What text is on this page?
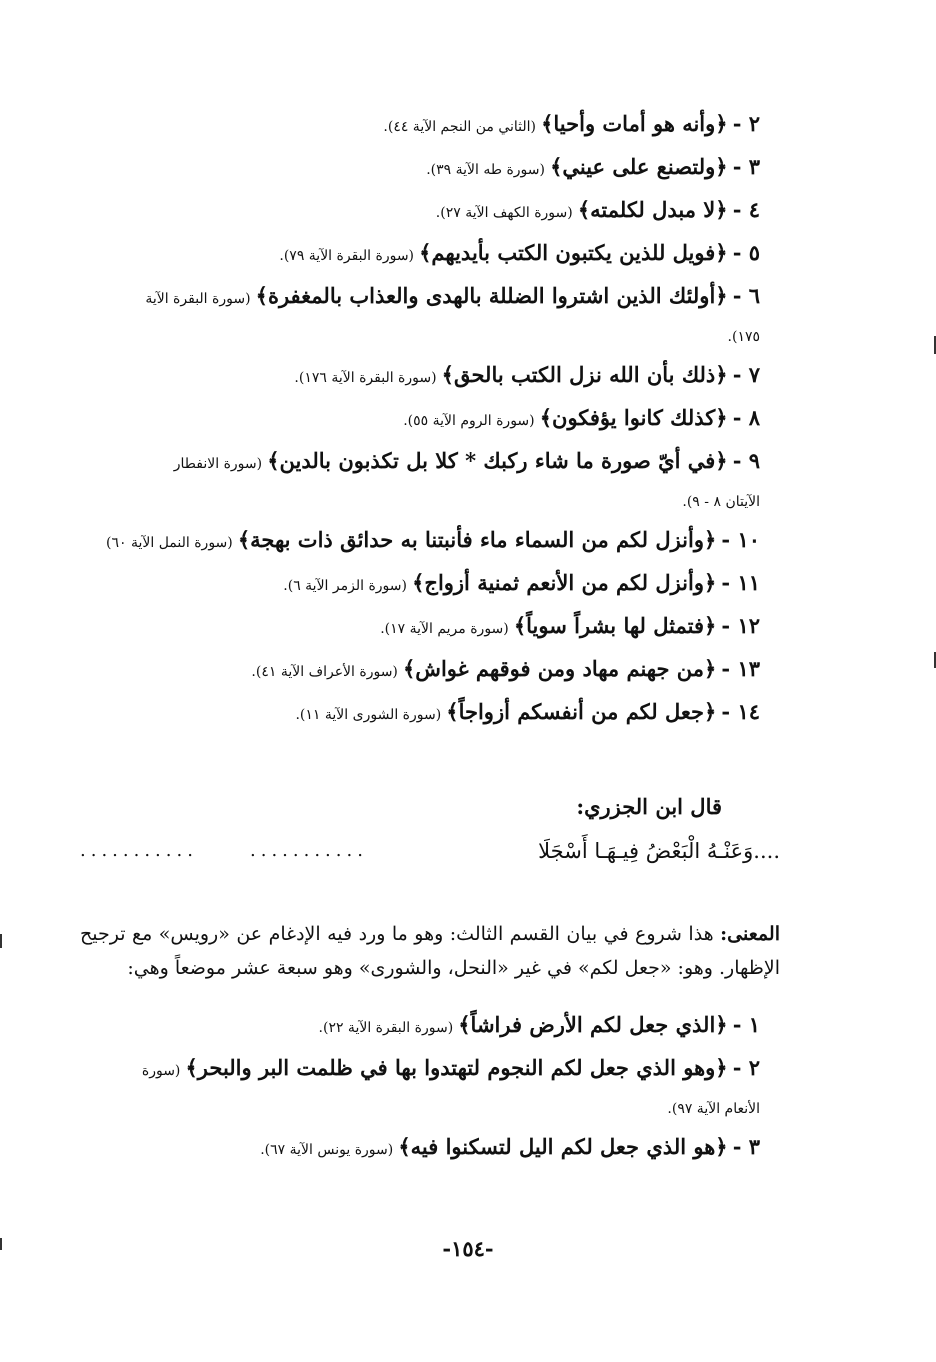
٢ - ﴿وأنه هو أمات وأحيا﴾ (الثاني من النجم الآية ٤٤).
٣ - ﴿ولتصنع على عيني﴾ (سورة طه الآية ٣٩).
٤ - ﴿لا مبدل لكلمته﴾ (سورة الكهف الآية ٢٧).
٥ - ﴿فويل للذين يكتبون الكتب بأيديهم﴾ (سورة البقرة الآية ٧٩).
٦ - ﴿أولئك الذين اشتروا الضللة بالهدى والعذاب بالمغفرة﴾ (سورة البقرة الآية
١٧٥).
٧ - ﴿ذلك بأن الله نزل الكتب بالحق﴾ (سورة البقرة الآية ١٧٦).
٨ - ﴿كذلك كانوا يؤفكون﴾ (سورة الروم الآية ٥٥).
٩ - ﴿في أيّ صورة ما شاء ركبك * كلا بل تكذبون بالدين﴾ (سورة الانفطار
الآيتان ٨ - ٩).
١٠ - ﴿وأنزل لكم من السماء ماء فأنبتنا به حدائق ذات بهجة﴾ (سورة النمل الآية ٦٠)
١١ - ﴿وأنزل لكم من الأنعم ثمنية أزواج﴾ (سورة الزمر الآية ٦).
١٢ - ﴿فتمثل لها بشراً سوياً﴾ (سورة مريم الآية ١٧).
١٣ - ﴿من جهنم مهاد ومن فوقهم غواش﴾ (سورة الأعراف الآية ٤١).
١٤ - ﴿جعل لكم من أنفسكم أزواجاً﴾ (سورة الشورى الآية ١١).
قال ابن الجزري:
....وَعَنْـهُ الْبَعْضُ فِيـهَـا أَسْجَلَا
...........
...........
المعنى: هذا شروع في بيان القسم الثالث: وهو ما ورد فيه الإدغام عن «رويس» مع ترجيح الإظهار. وهو: «جعل لكم» في غير «النحل، والشورى» وهو سبعة عشر موضعاً وهي:
١ - ﴿الذي جعل لكم الأرض فراشاً﴾ (سورة البقرة الآية ٢٢).
٢ - ﴿وهو الذي جعل لكم النجوم لتهتدوا بها في ظلمت البر والبحر﴾ (سورة
الأنعام الآية ٩٧).
٣ - ﴿هو الذي جعل لكم اليل لتسكنوا فيه﴾ (سورة يونس الآية ٦٧).
-١٥٤-
